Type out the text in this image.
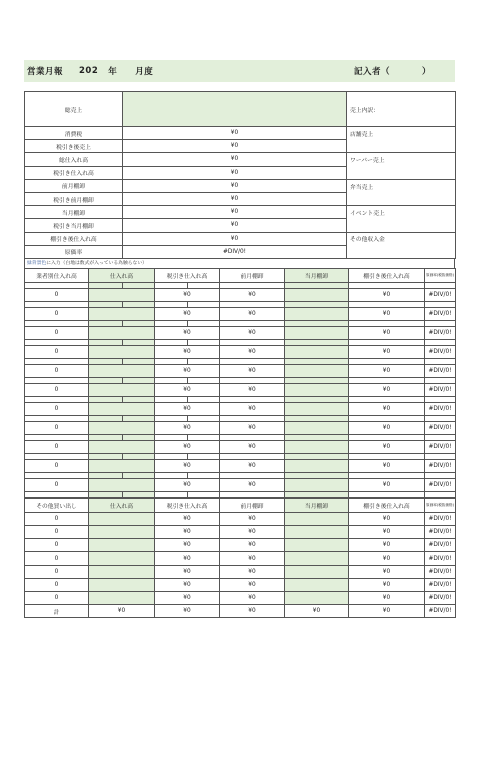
営業月報 202 年 月度	記入者（	）
総売上		売上内訳：
消費税	¥0	店舗売上
税引き後売上	¥0	
総仕入れ高	¥0	ワーパー売上
税引き仕入れ高	¥0	
前月棚卸	¥0	弁当売上
税引き前月棚卸	¥0	
当月棚卸	¥0	イベント売上
税引き当月棚卸	¥0	
棚引き後仕入れ高	¥0	その他収入金
原価率	#DIV/0!	
緑背景色に入力（白地は数式が入っている為触らない）
業者別仕入れ高	仕入れ高	税引き仕入れ高	前月棚卸	当月棚卸	棚引き後仕入れ高	原価率(税抜価格)

0		¥0	¥0		¥0	#DIV/0!

0		¥0	¥0		¥0	#DIV/0!

0		¥0	¥0		¥0	#DIV/0!

0		¥0	¥0		¥0	#DIV/0!

0		¥0	¥0		¥0	#DIV/0!

0		¥0	¥0		¥0	#DIV/0!

0		¥0	¥0		¥0	#DIV/0!

0		¥0	¥0		¥0	#DIV/0!

0		¥0	¥0		¥0	#DIV/0!

0		¥0	¥0		¥0	#DIV/0!

0		¥0	¥0		¥0	#DIV/0!

その他買い出し	仕入れ高	税引き仕入れ高	前月棚卸	当月棚卸	棚引き後仕入れ高	原価率(税抜価格)
0		¥0	¥0		¥0	#DIV/0!
0		¥0	¥0		¥0	#DIV/0!
0		¥0	¥0		¥0	#DIV/0!
0		¥0	¥0		¥0	#DIV/0!
0		¥0	¥0		¥0	#DIV/0!
0		¥0	¥0		¥0	#DIV/0!
0		¥0	¥0		¥0	#DIV/0!
計	¥0	¥0	¥0	¥0	¥0	#DIV/0!
